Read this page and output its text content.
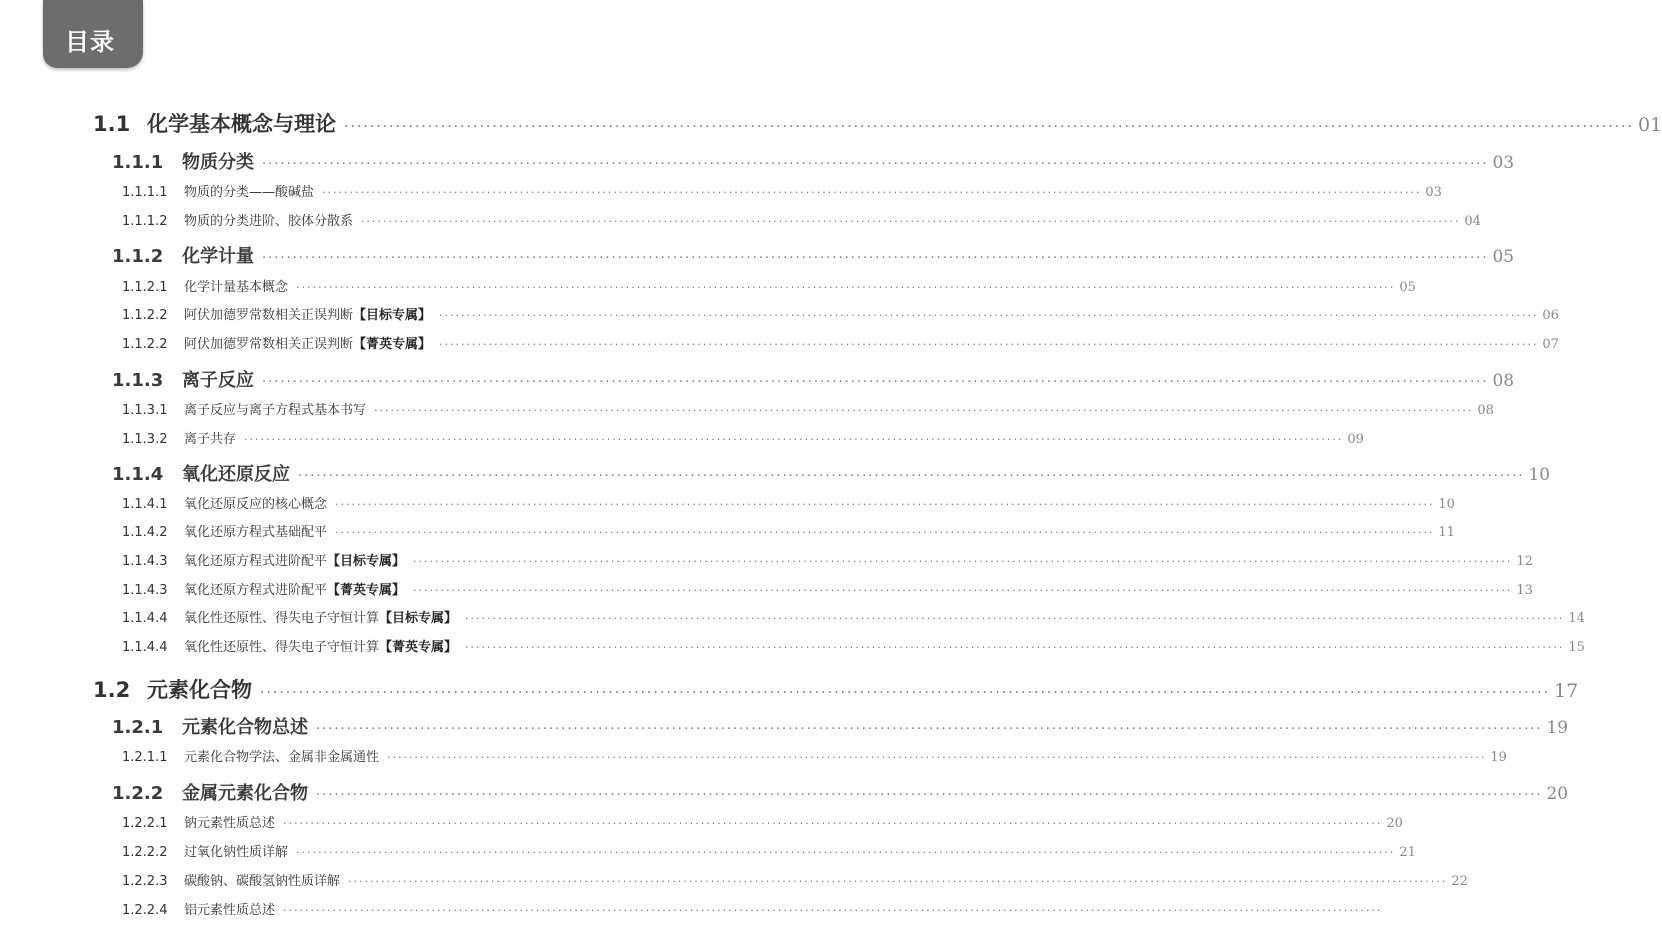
目录
1.1 化学基本概念与理论 ········································································································································································································ 01
1.1.1	物质分类 ········································································································································································································ 03
1.1.1.1	物质的分类——酸碱盐 ········································································································································································································ 03
1.1.1.2	物质的分类进阶、胶体分散系 ········································································································································································································ 04
1.1.2	化学计量 ········································································································································································································ 05
1.1.2.1	化学计量基本概念 ········································································································································································································ 05
1.1.2.2	阿伏加德罗常数相关正误判断【目标专属】 ········································································································································································································ 06
1.1.2.2	阿伏加德罗常数相关正误判断【菁英专属】 ········································································································································································································ 07
1.1.3	离子反应 ········································································································································································································ 08
1.1.3.1	离子反应与离子方程式基本书写 ········································································································································································································ 08
1.1.3.2	离子共存 ········································································································································································································ 09
1.1.4	氧化还原反应 ········································································································································································································ 10
1.1.4.1	氧化还原反应的核心概念 ········································································································································································································ 10
1.1.4.2	氧化还原方程式基础配平 ········································································································································································································ 11
1.1.4.3	氧化还原方程式进阶配平【目标专属】 ········································································································································································································ 12
1.1.4.3	氧化还原方程式进阶配平【菁英专属】 ········································································································································································································ 13
1.1.4.4	氧化性还原性、得失电子守恒计算【目标专属】 ········································································································································································································ 14
1.1.4.4	氧化性还原性、得失电子守恒计算【菁英专属】 ········································································································································································································ 15
1.2 元素化合物 ········································································································································································································ 17
1.2.1	元素化合物总述 ········································································································································································································ 19
1.2.1.1	元素化合物学法、金属非金属通性 ········································································································································································································ 19
1.2.2	金属元素化合物 ········································································································································································································ 20
1.2.2.1	钠元素性质总述 ········································································································································································································ 20
1.2.2.2	过氧化钠性质详解 ········································································································································································································ 21
1.2.2.3	碳酸钠、碳酸氢钠性质详解 ········································································································································································································ 22
1.2.2.4	铝元素性质总述 ········································································································································································································
